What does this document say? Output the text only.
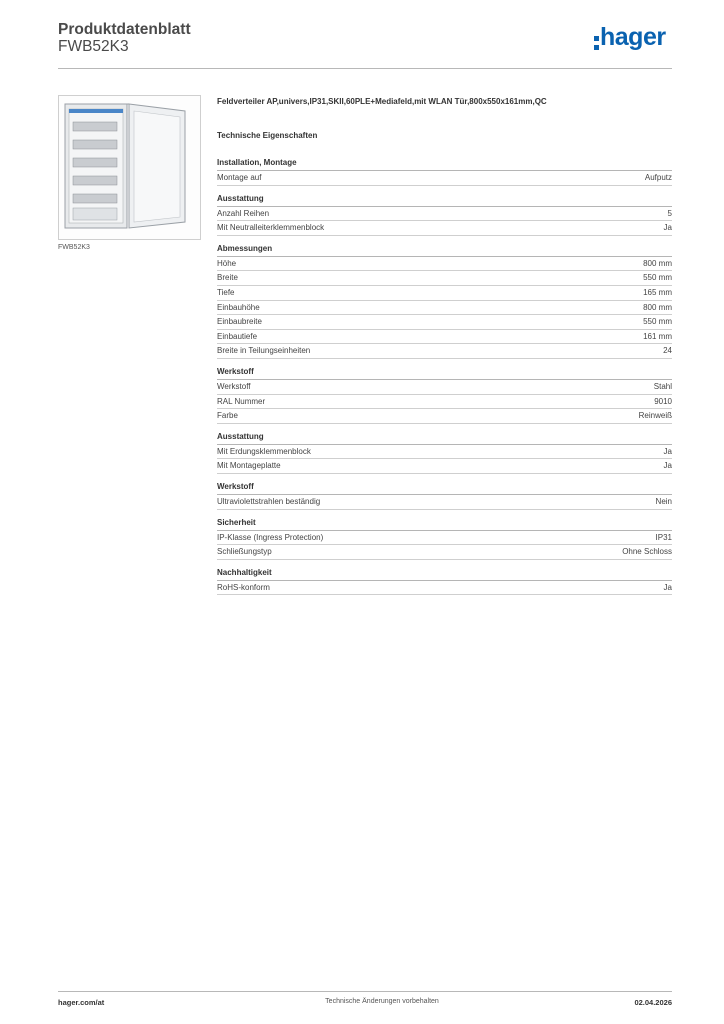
Produktdatenblatt
FWB52K3	hager
FWB52K3
Feldverteiler AP,univers,IP31,SKII,60PLE+Mediafeld,mit WLAN Tür,800x550x161mm,QC
Technische Eigenschaften
Installation, Montage
Montage auf	Aufputz
Ausstattung
Anzahl Reihen	5
Mit Neutralleiterklemmenblock	Ja
Abmessungen
Höhe	800 mm
Breite	550 mm
Tiefe	165 mm
Einbauhöhe	800 mm
Einbaubreite	550 mm
Einbautiefe	161 mm
Breite in Teilungseinheiten	24
Werkstoff
Werkstoff	Stahl
RAL Nummer	9010
Farbe	Reinweiß
Ausstattung
Mit Erdungsklemmenblock	Ja
Mit Montageplatte	Ja
Werkstoff
Ultraviolettstrahlen beständig	Nein
Sicherheit
IP-Klasse (Ingress Protection)	IP31
Schließungstyp	Ohne Schloss
Nachhaltigkeit
RoHS-konform	Ja
hager.com/at	Technische Änderungen vorbehalten	02.04.2026
